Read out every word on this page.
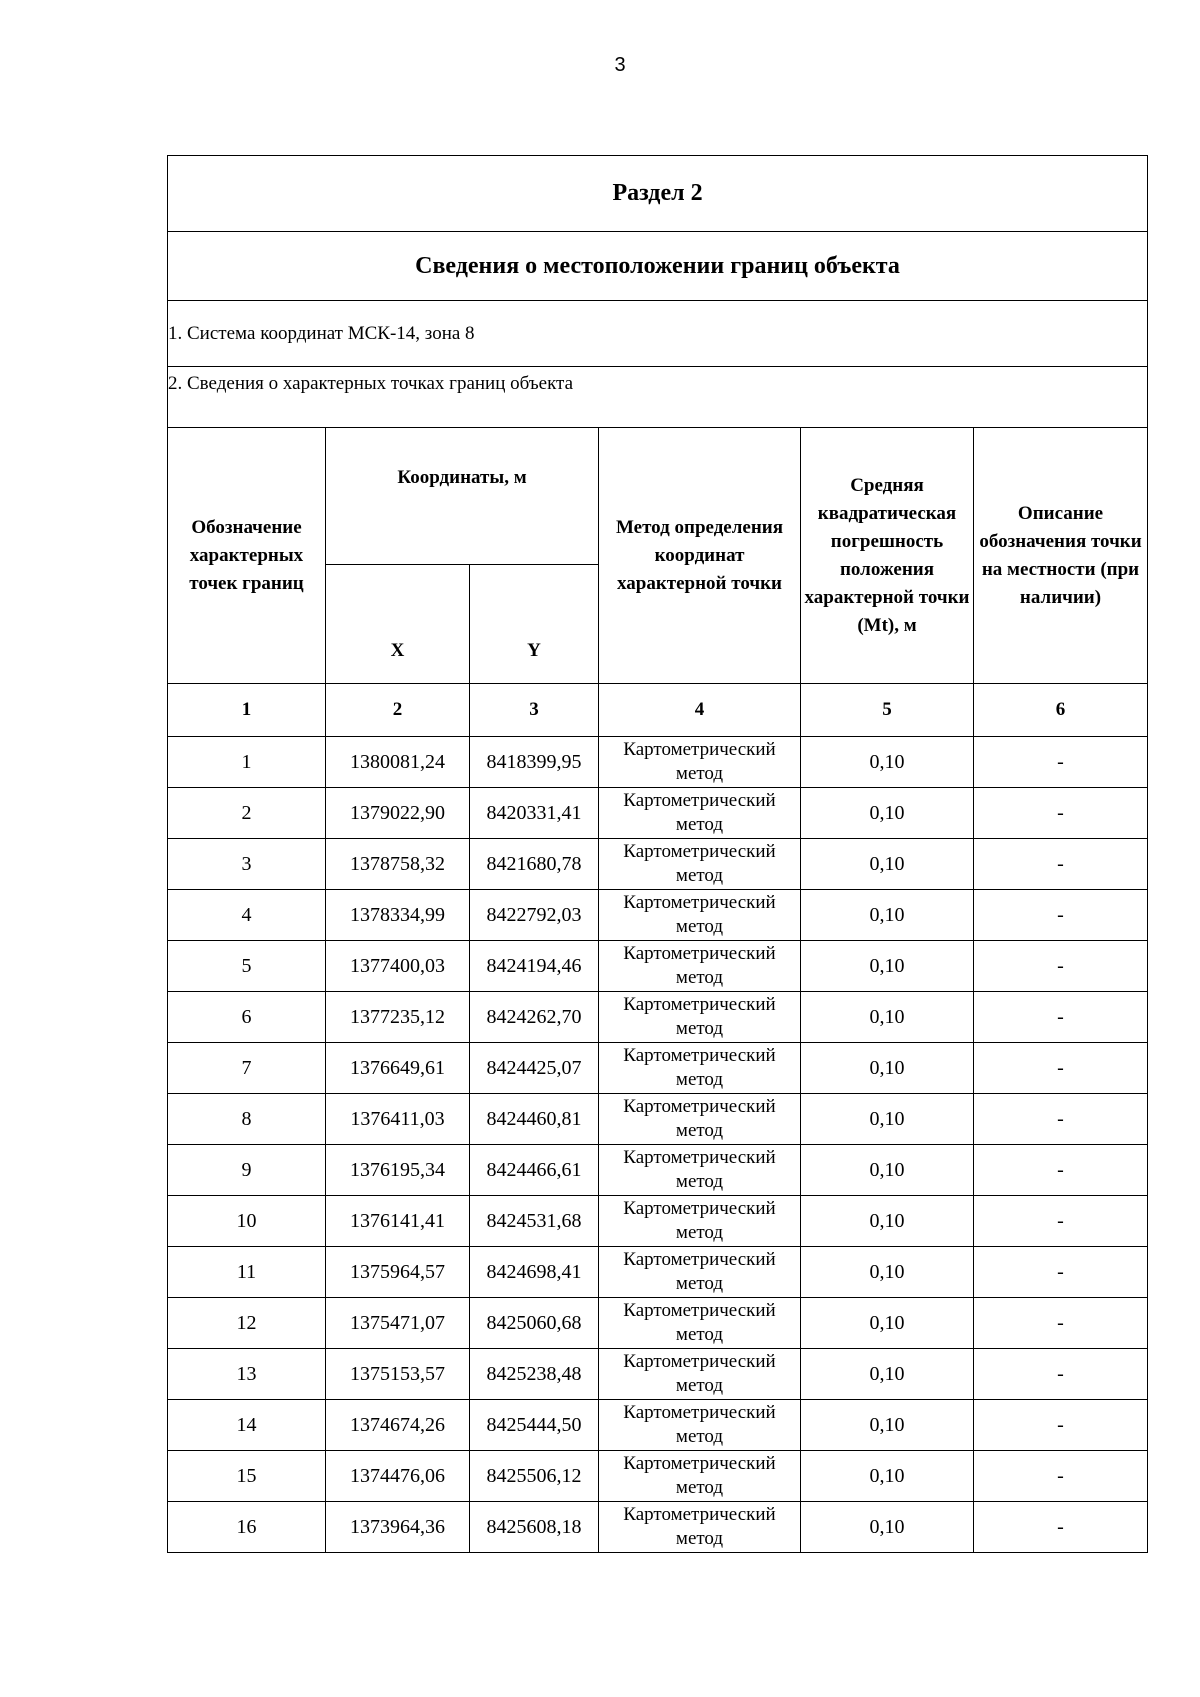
3
Раздел 2					
Сведения о местоположении границ объекта					
1. Системa координат МСК-14, зона 8					
2. Сведения о характерных точках границ объекта					
Обозначение характерных точек границ	Координаты, м		Метод определения координат характерной точки	Средняя квадратическая погрешность положения характерной точки (Mt), м	Описание обозначения точки на местности (при наличии)
	X	Y			
1	2	3	4	5	6
1	1380081,24	8418399,95	Картометрический метод	0,10	-
2	1379022,90	8420331,41	Картометрический метод	0,10	-
3	1378758,32	8421680,78	Картометрический метод	0,10	-
4	1378334,99	8422792,03	Картометрический метод	0,10	-
5	1377400,03	8424194,46	Картометрический метод	0,10	-
6	1377235,12	8424262,70	Картометрический метод	0,10	-
7	1376649,61	8424425,07	Картометрический метод	0,10	-
8	1376411,03	8424460,81	Картометрический метод	0,10	-
9	1376195,34	8424466,61	Картометрический метод	0,10	-
10	1376141,41	8424531,68	Картометрический метод	0,10	-
11	1375964,57	8424698,41	Картометрический метод	0,10	-
12	1375471,07	8425060,68	Картометрический метод	0,10	-
13	1375153,57	8425238,48	Картометрический метод	0,10	-
14	1374674,26	8425444,50	Картометрический метод	0,10	-
15	1374476,06	8425506,12	Картометрический метод	0,10	-
16	1373964,36	8425608,18	Картометрический метод	0,10	-
